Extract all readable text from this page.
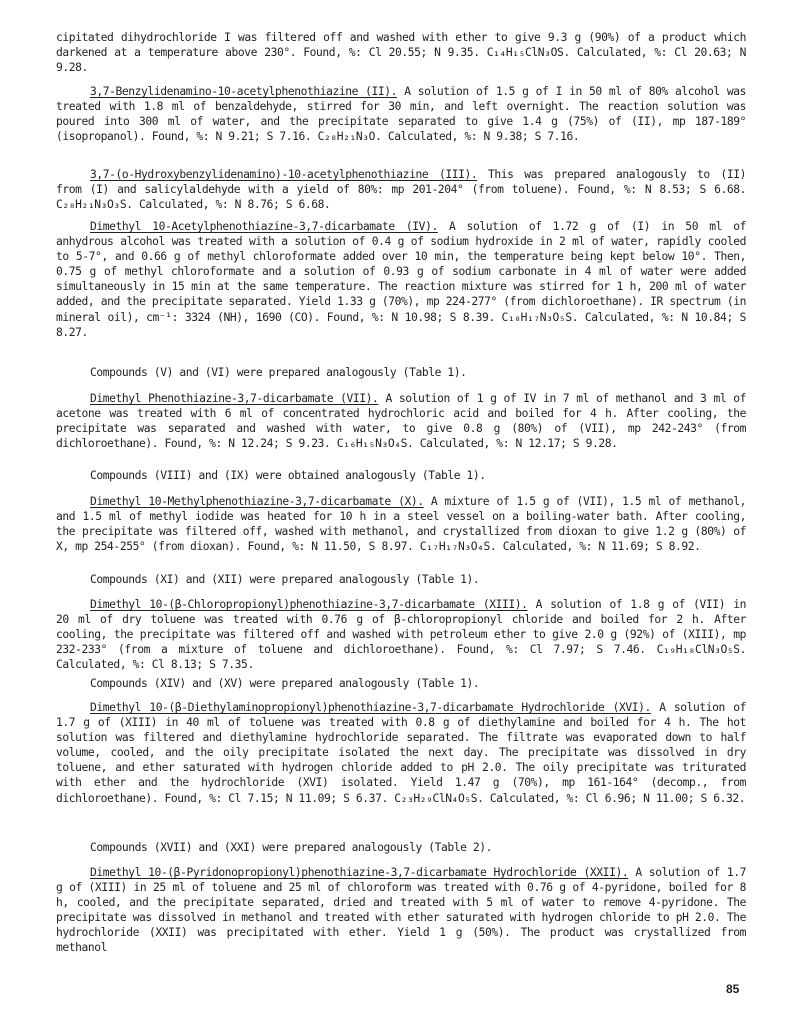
cipitated dihydrochloride I was filtered off and washed with ether to give 9.3 g (90%) of a product which darkened at a temperature above 230°. Found, %: Cl 20.55; N 9.35. C₁₄H₁₅ClN₃OS. Calculated, %: Cl 20.63; N 9.28.

3,7-Benzylidenamino-10-acetylphenothiazine (II). A solution of 1.5 g of I in 50 ml of 80% alcohol was treated with 1.8 ml of benzaldehyde, stirred for 30 min, and left overnight. The reaction solution was poured into 300 ml of water, and the precipitate separated to give 1.4 g (75%) of (II), mp 187-189° (isopropanol). Found, %: N 9.21; S 7.16. C₂₈H₂₁N₃O. Calculated, %: N 9.38; S 7.16.

3,7-(o-Hydroxybenzylidenamino)-10-acetylphenothiazine (III). This was prepared analogously to (II) from (I) and salicylaldehyde with a yield of 80%: mp 201-204° (from toluene). Found, %: N 8.53; S 6.68. C₂₈H₂₁N₃O₃S. Calculated, %: N 8.76; S 6.68.

Dimethyl 10-Acetylphenothiazine-3,7-dicarbamate (IV). A solution of 1.72 g of (I) in 50 ml of anhydrous alcohol was treated with a solution of 0.4 g of sodium hydroxide in 2 ml of water, rapidly cooled to 5-7°, and 0.66 g of methyl chloroformate added over 10 min, the temperature being kept below 10°. Then, 0.75 g of methyl chloroformate and a solution of 0.93 g of sodium carbonate in 4 ml of water were added simultaneously in 15 min at the same temperature. The reaction mixture was stirred for 1 h, 200 ml of water added, and the precipitate separated. Yield 1.33 g (70%), mp 224-277° (from dichloroethane). IR spectrum (in mineral oil), cm⁻¹: 3324 (NH), 1690 (CO). Found, %: N 10.98; S 8.39. C₁₈H₁₇N₃O₅S. Calculated, %: N 10.84; S 8.27.

Compounds (V) and (VI) were prepared analogously (Table 1).

Dimethyl Phenothiazine-3,7-dicarbamate (VII). A solution of 1 g of IV in 7 ml of methanol and 3 ml of acetone was treated with 6 ml of concentrated hydrochloric acid and boiled for 4 h. After cooling, the precipitate was separated and washed with water, to give 0.8 g (80%) of (VII), mp 242-243° (from dichloroethane). Found, %: N 12.24; S 9.23. C₁₆H₁₅N₃O₄S. Calculated, %: N 12.17; S 9.28.

Compounds (VIII) and (IX) were obtained analogously (Table 1).

Dimethyl 10-Methylphenothiazine-3,7-dicarbamate (X). A mixture of 1.5 g of (VII), 1.5 ml of methanol, and 1.5 ml of methyl iodide was heated for 10 h in a steel vessel on a boiling-water bath. After cooling, the precipitate was filtered off, washed with methanol, and crystallized from dioxan to give 1.2 g (80%) of X, mp 254-255° (from dioxan). Found, %: N 11.50, S 8.97. C₁₇H₁₇N₃O₄S. Calculated, %: N 11.69; S 8.92.

Compounds (XI) and (XII) were prepared analogously (Table 1).

Dimethyl 10-(β-Chloropropionyl)phenothiazine-3,7-dicarbamate (XIII). A solution of 1.8 g of (VII) in 20 ml of dry toluene was treated with 0.76 g of β-chloropropionyl chloride and boiled for 2 h. After cooling, the precipitate was filtered off and washed with petroleum ether to give 2.0 g (92%) of (XIII), mp 232-233° (from a mixture of toluene and dichloroethane). Found, %: Cl 7.97; S 7.46. C₁₉H₁₈ClN₃O₅S. Calculated, %: Cl 8.13; S 7.35.

Compounds (XIV) and (XV) were prepared analogously (Table 1).

Dimethyl 10-(β-Diethylaminopropionyl)phenothiazine-3,7-dicarbamate Hydrochloride (XVI). A solution of 1.7 g of (XIII) in 40 ml of toluene was treated with 0.8 g of diethylamine and boiled for 4 h. The hot solution was filtered and diethylamine hydrochloride separated. The filtrate was evaporated down to half volume, cooled, and the oily precipitate isolated the next day. The precipitate was dissolved in dry toluene, and ether saturated with hydrogen chloride added to pH 2.0. The oily precipitate was triturated with ether and the hydrochloride (XVI) isolated. Yield 1.47 g (70%), mp 161-164° (decomp., from dichloroethane). Found, %: Cl 7.15; N 11.09; S 6.37. C₂₃H₂₉ClN₄O₅S. Calculated, %: Cl 6.96; N 11.00; S 6.32.

Compounds (XVII) and (XXI) were prepared analogously (Table 2).

Dimethyl 10-(β-Pyridonopropionyl)phenothiazine-3,7-dicarbamate Hydrochloride (XXII). A solution of 1.7 g of (XIII) in 25 ml of toluene and 25 ml of chloroform was treated with 0.76 g of 4-pyridone, boiled for 8 h, cooled, and the precipitate separated, dried and treated with 5 ml of water to remove 4-pyridone. The precipitate was dissolved in methanol and treated with ether saturated with hydrogen chloride to pH 2.0. The hydrochloride (XXII) was precipitated with ether. Yield 1 g (50%). The product was crystallized from methanol

85
